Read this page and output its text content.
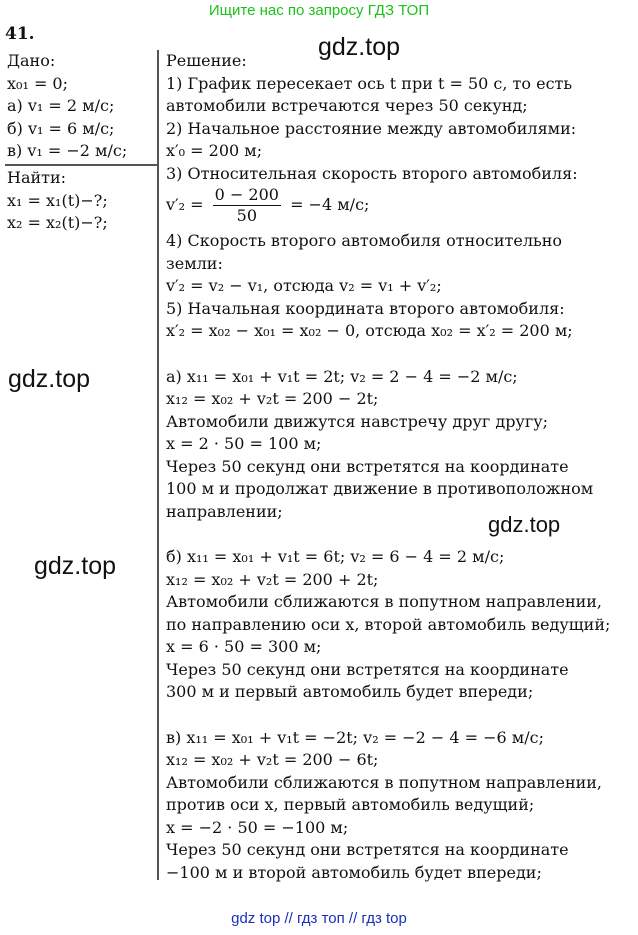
Ищите нас по запросу ГДЗ ТОП
41.
Дано:
x₀₁ = 0;
а) v₁ = 2 м/с;
б) v₁ = 6 м/с;
в) v₁ = −2 м/с;
Найти:
x₁ = x₁(t)−?;
x₂ = x₂(t)−?;
Решение:
1) График пересекает ось t при t = 50 с, то есть
автомобили встречаются через 50 секунд;
2) Начальное расстояние между автомобилями:
x′₀ = 200 м;
3) Относительная скорость второго автомобиля:
$v'_2 = \frac{0 - 200}{50} = -4$ м/с;
4) Скорость второго автомобиля относительно
земли:
v′₂ = v₂ − v₁, отсюда v₂ = v₁ + v′₂;
5) Начальная координата второго автомобиля:
x′₂ = x₀₂ − x₀₁ = x₀₂ − 0, отсюда x₀₂ = x′₂ = 200 м;
а) x₁₁ = x₀₁ + v₁t = 2t; v₂ = 2 − 4 = −2 м/с;
x₁₂ = x₀₂ + v₂t = 200 − 2t;
Автомобили движутся навстречу друг другу;
x = 2 · 50 = 100 м;
Через 50 секунд они встретятся на координате
100 м и продолжат движение в противоположном
направлении;
б) x₁₁ = x₀₁ + v₁t = 6t; v₂ = 6 − 4 = 2 м/с;
x₁₂ = x₀₂ + v₂t = 200 + 2t;
Автомобили сближаются в попутном направлении,
по направлению оси x, второй автомобиль ведущий;
x = 6 · 50 = 300 м;
Через 50 секунд они встретятся на координате
300 м и первый автомобиль будет впереди;
в) x₁₁ = x₀₁ + v₁t = −2t; v₂ = −2 − 4 = −6 м/с;
x₁₂ = x₀₂ + v₂t = 200 − 6t;
Автомобили сближаются в попутном направлении,
против оси x, первый автомобиль ведущий;
x = −2 · 50 = −100 м;
Через 50 секунд они встретятся на координате
−100 м и второй автомобиль будет впереди;
gdz.top
gdz.top
gdz.top
gdz.top
gdz top // гдз топ // гдз top
